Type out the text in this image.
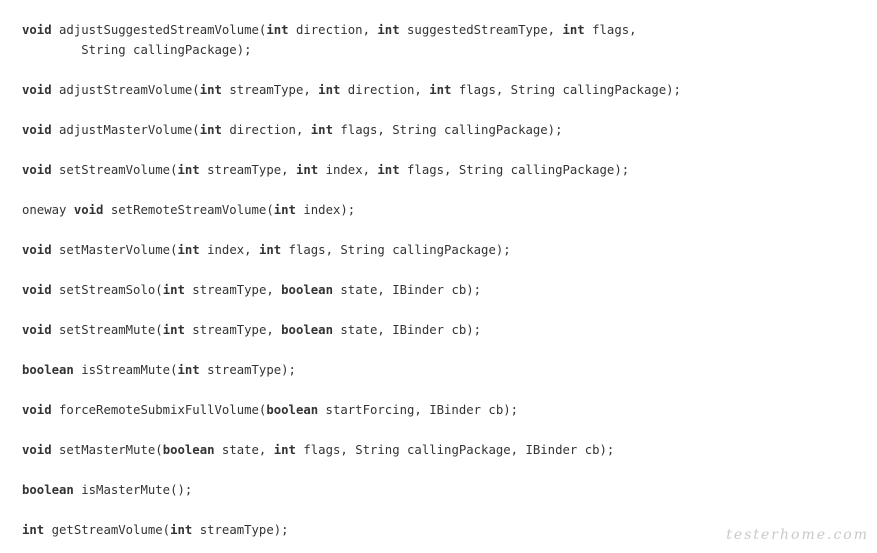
void adjustSuggestedStreamVolume(int direction, int suggestedStreamType, int flags,
String callingPackage);
void adjustStreamVolume(int streamType, int direction, int flags, String callingPackage);
void adjustMasterVolume(int direction, int flags, String callingPackage);
void setStreamVolume(int streamType, int index, int flags, String callingPackage);
oneway void setRemoteStreamVolume(int index);
void setMasterVolume(int index, int flags, String callingPackage);
void setStreamSolo(int streamType, boolean state, IBinder cb);
void setStreamMute(int streamType, boolean state, IBinder cb);
boolean isStreamMute(int streamType);
void forceRemoteSubmixFullVolume(boolean startForcing, IBinder cb);
void setMasterMute(boolean state, int flags, String callingPackage, IBinder cb);
boolean isMasterMute();
int getStreamVolume(int streamType);	testerhome.com
